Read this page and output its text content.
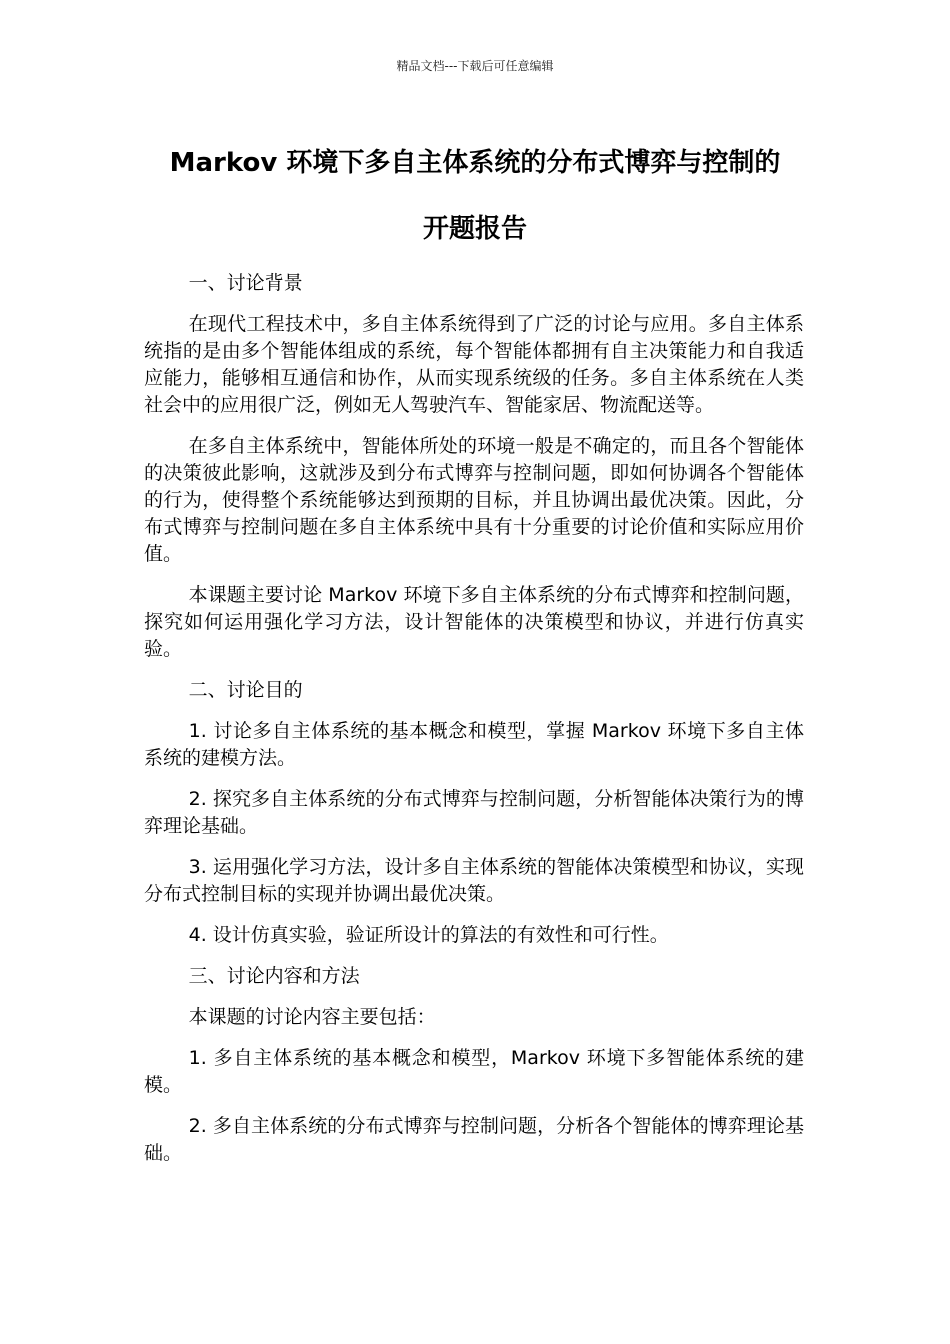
精品文档---下载后可任意编辑
Markov 环境下多自主体系统的分布式博弈与控制的
开题报告

一、讨论背景

在现代工程技术中，多自主体系统得到了广泛的讨论与应用。多自主体系统指的是由多个智能体组成的系统，每个智能体都拥有自主决策能力和自我适应能力，能够相互通信和协作，从而实现系统级的任务。多自主体系统在人类社会中的应用很广泛，例如无人驾驶汽车、智能家居、物流配送等。

在多自主体系统中，智能体所处的环境一般是不确定的，而且各个智能体的决策彼此影响，这就涉及到分布式博弈与控制问题，即如何协调各个智能体的行为，使得整个系统能够达到预期的目标，并且协调出最优决策。因此，分布式博弈与控制问题在多自主体系统中具有十分重要的讨论价值和实际应用价值。

本课题主要讨论 Markov 环境下多自主体系统的分布式博弈和控制问题，探究如何运用强化学习方法，设计智能体的决策模型和协议，并进行仿真实验。

二、讨论目的

1. 讨论多自主体系统的基本概念和模型，掌握 Markov 环境下多自主体系统的建模方法。

2. 探究多自主体系统的分布式博弈与控制问题，分析智能体决策行为的博弈理论基础。

3. 运用强化学习方法，设计多自主体系统的智能体决策模型和协议，实现分布式控制目标的实现并协调出最优决策。

4. 设计仿真实验，验证所设计的算法的有效性和可行性。

三、讨论内容和方法

本课题的讨论内容主要包括：

1. 多自主体系统的基本概念和模型，Markov 环境下多智能体系统的建模。

2. 多自主体系统的分布式博弈与控制问题，分析各个智能体的博弈理论基础。
